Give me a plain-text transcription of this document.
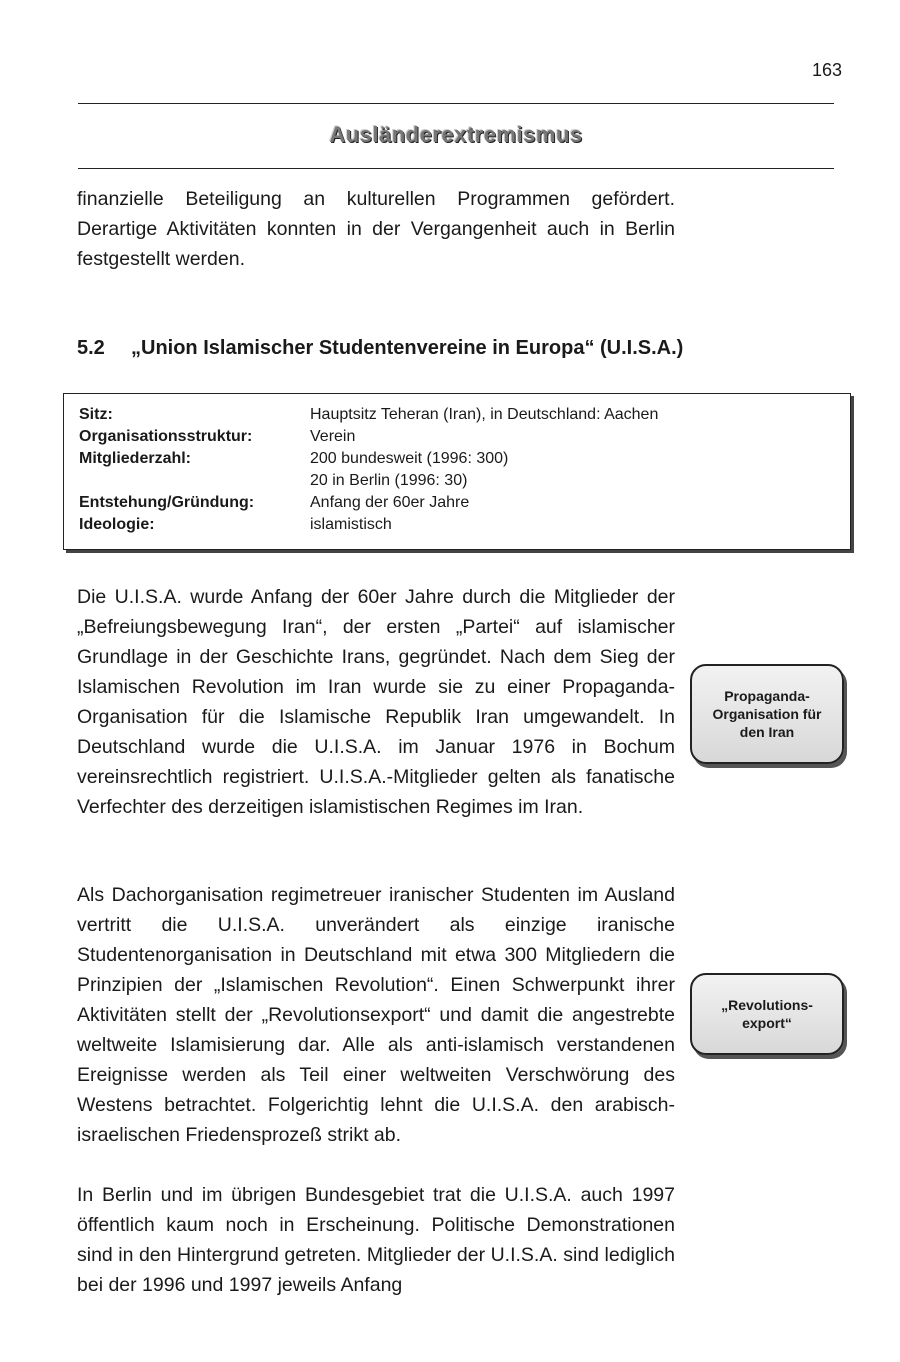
163
Ausländerextremismus
finanzielle Beteiligung an kulturellen Programmen gefördert. Derartige Aktivitäten konnten in der Vergangenheit auch in Berlin festgestellt werden.
5.2 „Union Islamischer Studentenvereine in Europa“ (U.I.S.A.)
Sitz:	Hauptsitz Teheran (Iran), in Deutschland: Aachen
Organisationsstruktur:	Verein
Mitgliederzahl:	200 bundesweit (1996: 300)
20 in Berlin (1996: 30)
Entstehung/Gründung:	Anfang der 60er Jahre
Ideologie:	islamistisch
Die U.I.S.A. wurde Anfang der 60er Jahre durch die Mitglieder der „Befreiungsbewegung Iran“, der ersten „Partei“ auf islamischer Grundlage in der Geschichte Irans, gegründet. Nach dem Sieg der Islamischen Revolution im Iran wurde sie zu einer Propaganda-Organisation für die Islamische Republik Iran umgewandelt. In Deutschland wurde die U.I.S.A. im Januar 1976 in Bochum vereinsrechtlich registriert. U.I.S.A.-Mitglieder gelten als fanatische Verfechter des derzeitigen islamistischen Regimes im Iran.
Propaganda-
Organisation für
den Iran
Als Dachorganisation regimetreuer iranischer Studenten im Ausland vertritt die U.I.S.A. unverändert als einzige iranische Studentenorganisation in Deutschland mit etwa 300 Mitgliedern die Prinzipien der „Islamischen Revolution“. Einen Schwerpunkt ihrer Aktivitäten stellt der „Revolutionsexport“ und damit die angestrebte weltweite Islamisierung dar. Alle als anti-islamisch verstandenen Ereignisse werden als Teil einer weltweiten Verschwörung des Westens betrachtet. Folgerichtig lehnt die U.I.S.A. den arabisch-israelischen Friedensprozeß strikt ab.
„Revolutions-
export“
In Berlin und im übrigen Bundesgebiet trat die U.I.S.A. auch 1997 öffentlich kaum noch in Erscheinung. Politische Demonstrationen sind in den Hintergrund getreten. Mitglieder der U.I.S.A. sind lediglich bei der 1996 und 1997 jeweils Anfang
